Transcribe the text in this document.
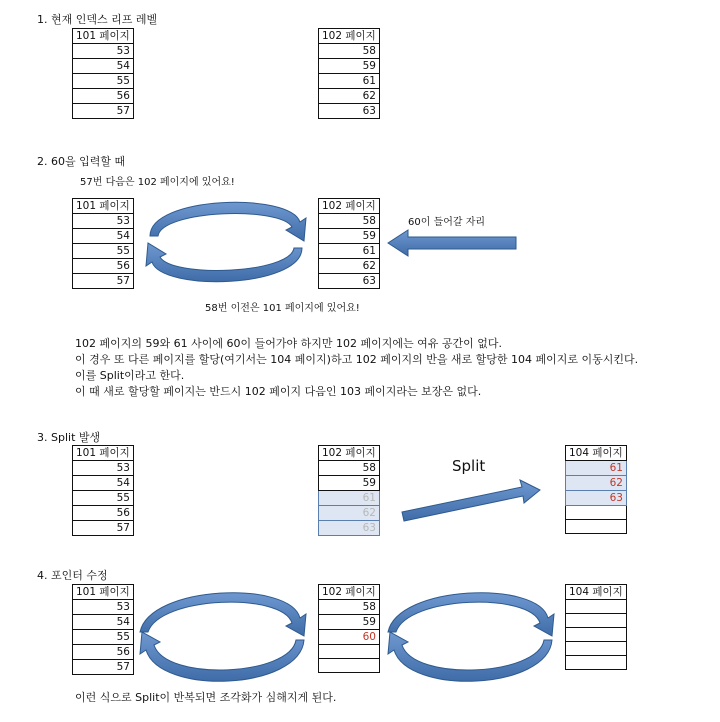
1. 현재 인덱스 리프 레벨
101 페이지
53
54
55
56
57
102 페이지
58
59
61
62
63
2. 60을 입력할 때
57번 다음은 102 페이지에 있어요!
60이 들어갈 자리
58번 이전은 101 페이지에 있어요!
101 페이지
53
54
55
56
57
102 페이지
58
59
61
62
63
102 페이지의 59와 61 사이에 60이 들어가야 하지만 102 페이지에는 여유 공간이 없다.
이 경우 또 다른 페이지를 할당(여기서는 104 페이지)하고 102 페이지의 반을 새로 할당한 104 페이지로 이동시킨다.
이를 Split이라고 한다.
이 때 새로 할당할 페이지는 반드시 102 페이지 다음인 103 페이지라는 보장은 없다.
3. Split 발생
Split
101 페이지
53
54
55
56
57
102 페이지
58
59
61
62
63
104 페이지
61
62
63

4. 포인터 수정
101 페이지
53
54
55
56
57
102 페이지
58
59
60

104 페이지

이런 식으로 Split이 반복되면 조각화가 심해지게 된다.
